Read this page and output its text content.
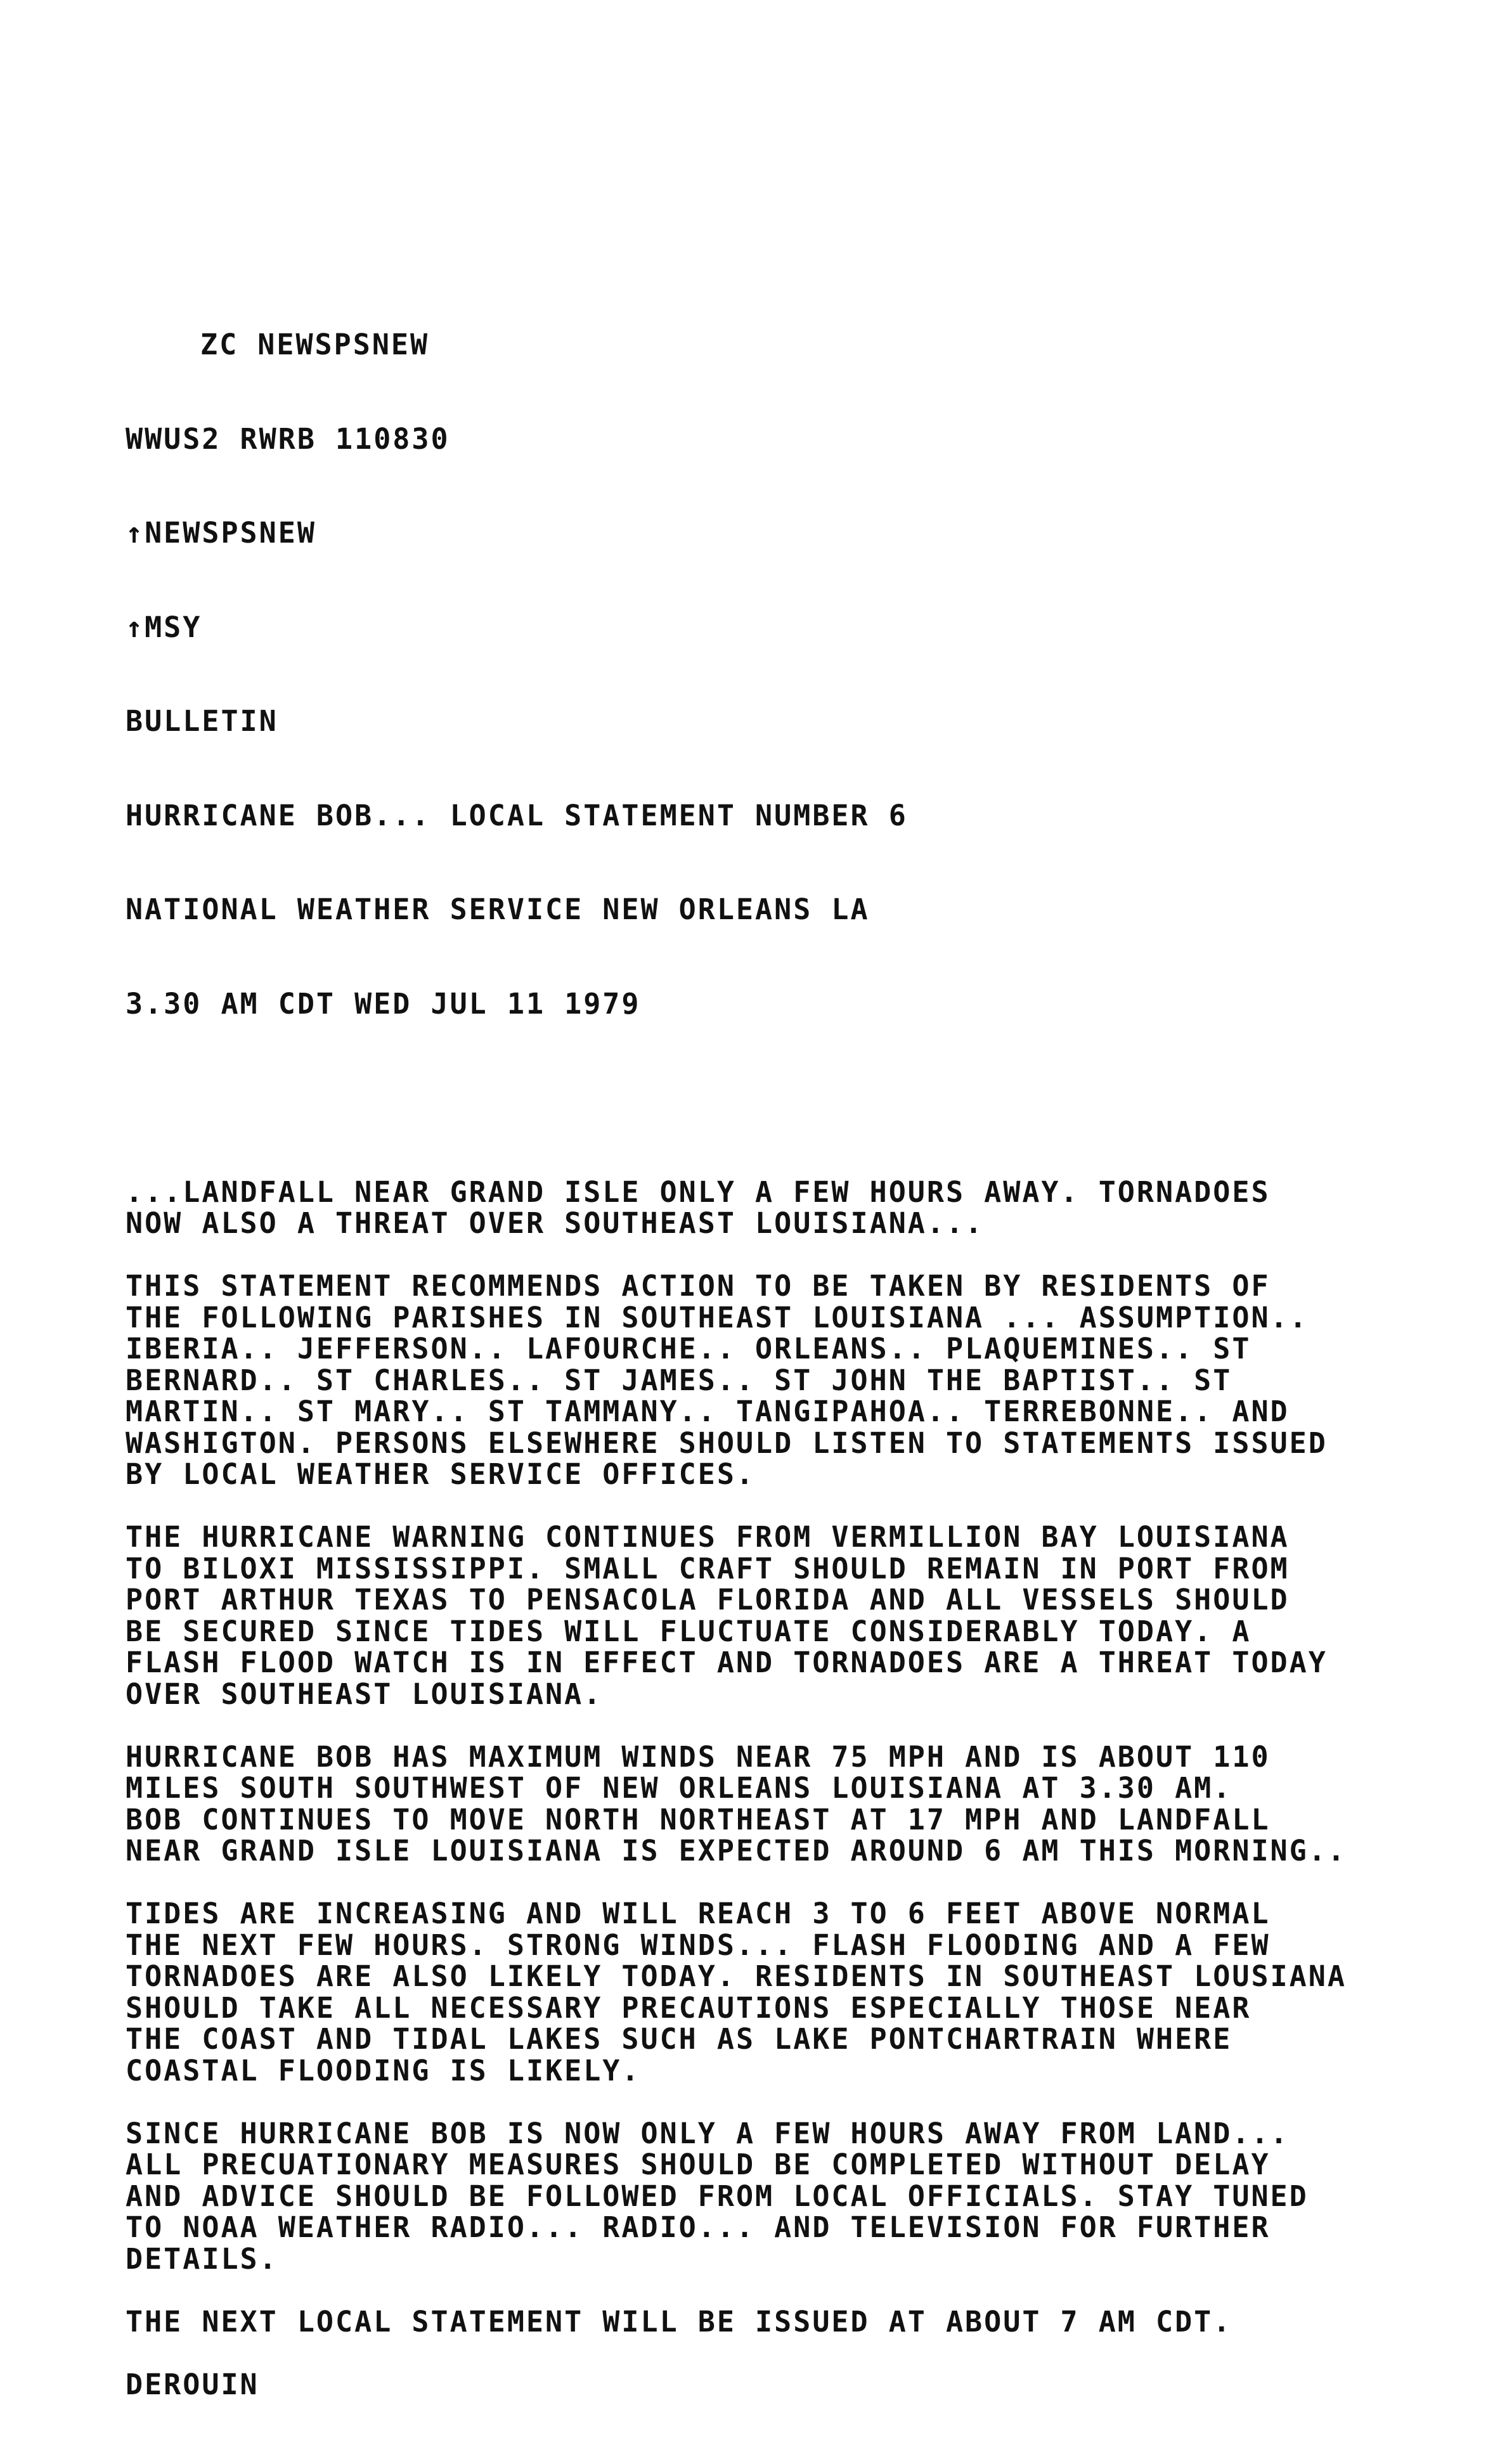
ZC NEWSPSNEW

WWUS2 RWRB 110830

↑NEWSPSNEW

↑MSY

BULLETIN

HURRICANE BOB... LOCAL STATEMENT NUMBER 6

NATIONAL WEATHER SERVICE NEW ORLEANS LA

3.30 AM CDT WED JUL 11 1979

...LANDFALL NEAR GRAND ISLE ONLY A FEW HOURS AWAY. TORNADOES
NOW ALSO A THREAT OVER SOUTHEAST LOUISIANA...
THIS STATEMENT RECOMMENDS ACTION TO BE TAKEN BY RESIDENTS OF
THE FOLLOWING PARISHES IN SOUTHEAST LOUISIANA ... ASSUMPTION..
IBERIA.. JEFFERSON.. LAFOURCHE.. ORLEANS.. PLAQUEMINES.. ST
BERNARD.. ST CHARLES.. ST JAMES.. ST JOHN THE BAPTIST.. ST
MARTIN.. ST MARY.. ST TAMMANY.. TANGIPAHOA.. TERREBONNE.. AND
WASHIGTON. PERSONS ELSEWHERE SHOULD LISTEN TO STATEMENTS ISSUED
BY LOCAL WEATHER SERVICE OFFICES.
THE HURRICANE WARNING CONTINUES FROM VERMILLION BAY LOUISIANA
TO BILOXI MISSISSIPPI. SMALL CRAFT SHOULD REMAIN IN PORT FROM
PORT ARTHUR TEXAS TO PENSACOLA FLORIDA AND ALL VESSELS SHOULD
BE SECURED SINCE TIDES WILL FLUCTUATE CONSIDERABLY TODAY. A
FLASH FLOOD WATCH IS IN EFFECT AND TORNADOES ARE A THREAT TODAY
OVER SOUTHEAST LOUISIANA.
HURRICANE BOB HAS MAXIMUM WINDS NEAR 75 MPH AND IS ABOUT 110
MILES SOUTH SOUTHWEST OF NEW ORLEANS LOUISIANA AT 3.30 AM.
BOB CONTINUES TO MOVE NORTH NORTHEAST AT 17 MPH AND LANDFALL
NEAR GRAND ISLE LOUISIANA IS EXPECTED AROUND 6 AM THIS MORNING..
TIDES ARE INCREASING AND WILL REACH 3 TO 6 FEET ABOVE NORMAL
THE NEXT FEW HOURS. STRONG WINDS... FLASH FLOODING AND A FEW
TORNADOES ARE ALSO LIKELY TODAY. RESIDENTS IN SOUTHEAST LOUSIANA
SHOULD TAKE ALL NECESSARY PRECAUTIONS ESPECIALLY THOSE NEAR
THE COAST AND TIDAL LAKES SUCH AS LAKE PONTCHARTRAIN WHERE
COASTAL FLOODING IS LIKELY.
SINCE HURRICANE BOB IS NOW ONLY A FEW HOURS AWAY FROM LAND...
ALL PRECUATIONARY MEASURES SHOULD BE COMPLETED WITHOUT DELAY
AND ADVICE SHOULD BE FOLLOWED FROM LOCAL OFFICIALS. STAY TUNED
TO NOAA WEATHER RADIO... RADIO... AND TELEVISION FOR FURTHER
DETAILS.
THE NEXT LOCAL STATEMENT WILL BE ISSUED AT ABOUT 7 AM CDT.
DEROUIN
